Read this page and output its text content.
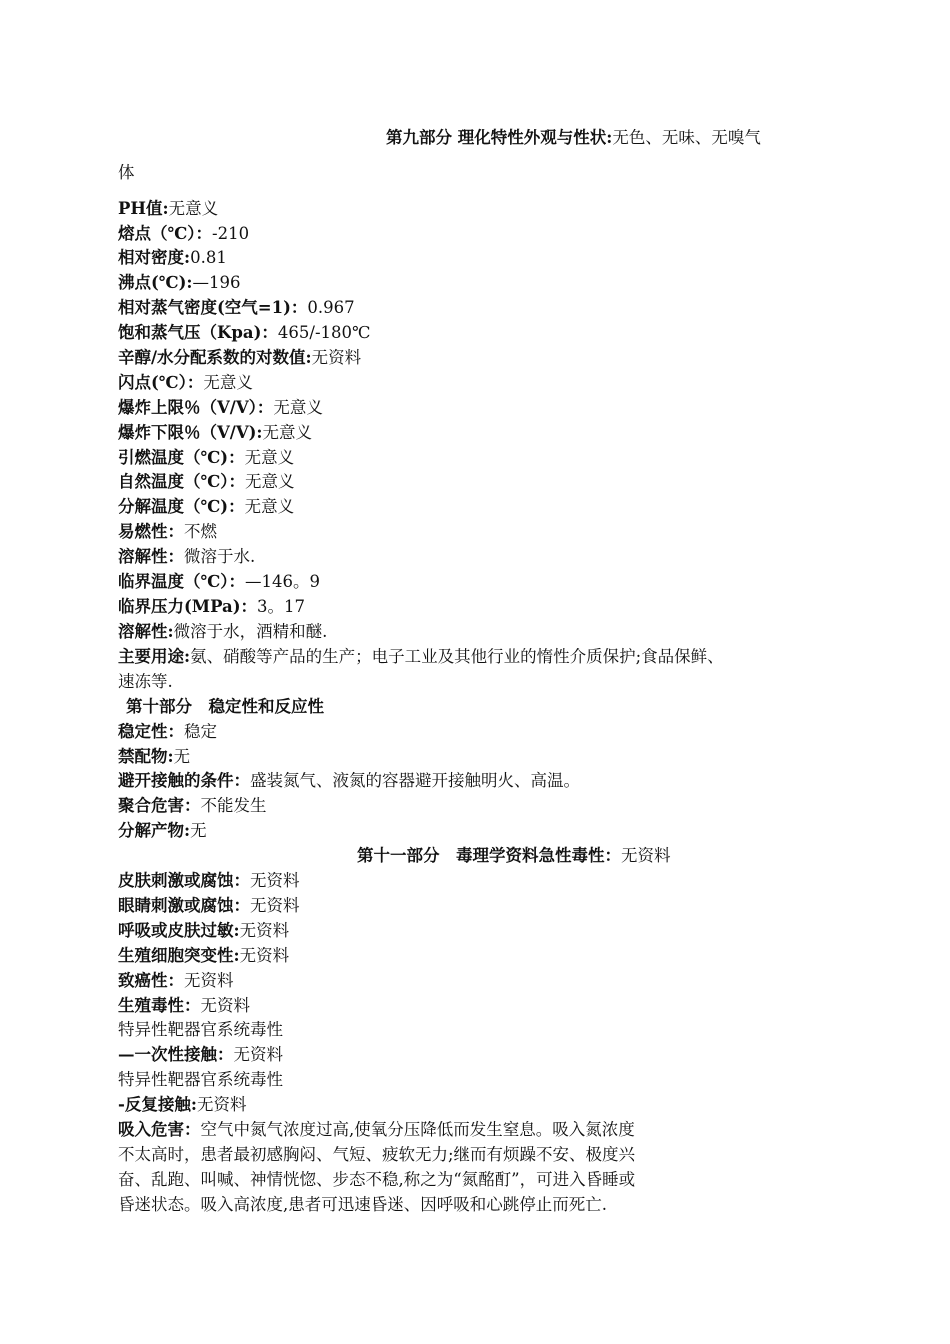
第九部分 理化特性外观与性状:无色、无味、无嗅气
体
PH值:无意义
熔点（℃）：-210
相对密度:0.81
沸点(℃):—196
相对蒸气密度(空气=1)：0.967
饱和蒸气压（Kpa)：465/-180℃
辛醇/水分配系数的对数值:无资料
闪点(℃）：无意义
爆炸上限％（V/V）：无意义
爆炸下限％（V/V):无意义
引燃温度（℃)：无意义
自然温度（℃）：无意义
分解温度（℃)：无意义
易燃性：不燃
溶解性：微溶于水.
临界温度（℃）：—146。9
临界压力(MPa)：3。17
溶解性:微溶于水，酒精和醚.
主要用途:氨、硝酸等产品的生产；电子工业及其他行业的惰性介质保护;食品保鲜、
速冻等.
第十部分　稳定性和反应性
稳定性：稳定
禁配物:无
避开接触的条件：盛装氮气、液氮的容器避开接触明火、高温。
聚合危害：不能发生
分解产物:无
第十一部分　毒理学资料急性毒性：无资料
皮肤刺激或腐蚀：无资料
眼睛刺激或腐蚀：无资料
呼吸或皮肤过敏:无资料
生殖细胞突变性:无资料
致癌性：无资料
生殖毒性：无资料
特异性靶器官系统毒性
—一次性接触：无资料
特异性靶器官系统毒性
-反复接触:无资料
吸入危害：空气中氮气浓度过高,使氧分压降低而发生窒息。吸入氮浓度
不太高时，患者最初感胸闷、气短、疲软无力;继而有烦躁不安、极度兴
奋、乱跑、叫喊、神情恍惚、步态不稳,称之为“氮酩酊”，可进入昏睡或
昏迷状态。吸入高浓度,患者可迅速昏迷、因呼吸和心跳停止而死亡.
